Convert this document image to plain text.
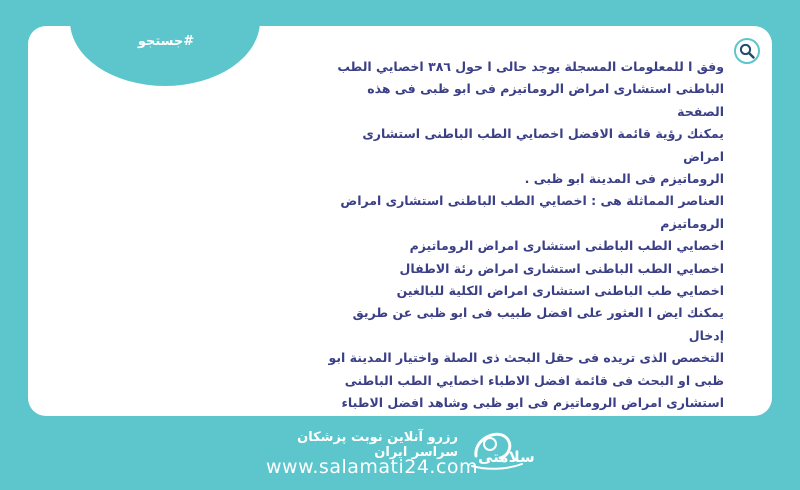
#جستجو

وفق ا للمعلومات المسجلة يوجد حالى ا حول ٣٨٦ اخصايي الطب

الباطنى استشارى امراض الروماتيزم فى ابو ظبى فى هذه الصفحة

يمكنك رؤية قائمة الافضل اخصايي الطب الباطنى استشارى امراض

الروماتيزم فى المدينة ابو ظبى .

العناصر المماثلة هى : اخصايي الطب الباطنى استشارى امراض

الروماتيزم

اخصايي الطب الباطنى استشارى امراض الروماتيزم

اخصايي الطب الباطنى استشارى امراض رئة الاطفال

اخصايي طب الباطنى استشارى امراض الكلية للبالغين

يمكنك ايض ا العثور على افضل طبيب فى ابو ظبى عن طريق إدخال

التخصص الذى تريده فى حقل البحث ذى الصلة واختيار المدينة ابو

ظبى او البحث فى قائمة افضل الاطباء اخصايي الطب الباطنى

استشارى امراض الروماتيزم فى ابو ظبى وشاهد افضل الاطباء

رزرو آنلاین نوبت پزشکان سراسر ایران
www.salamati24.com سلامتی
